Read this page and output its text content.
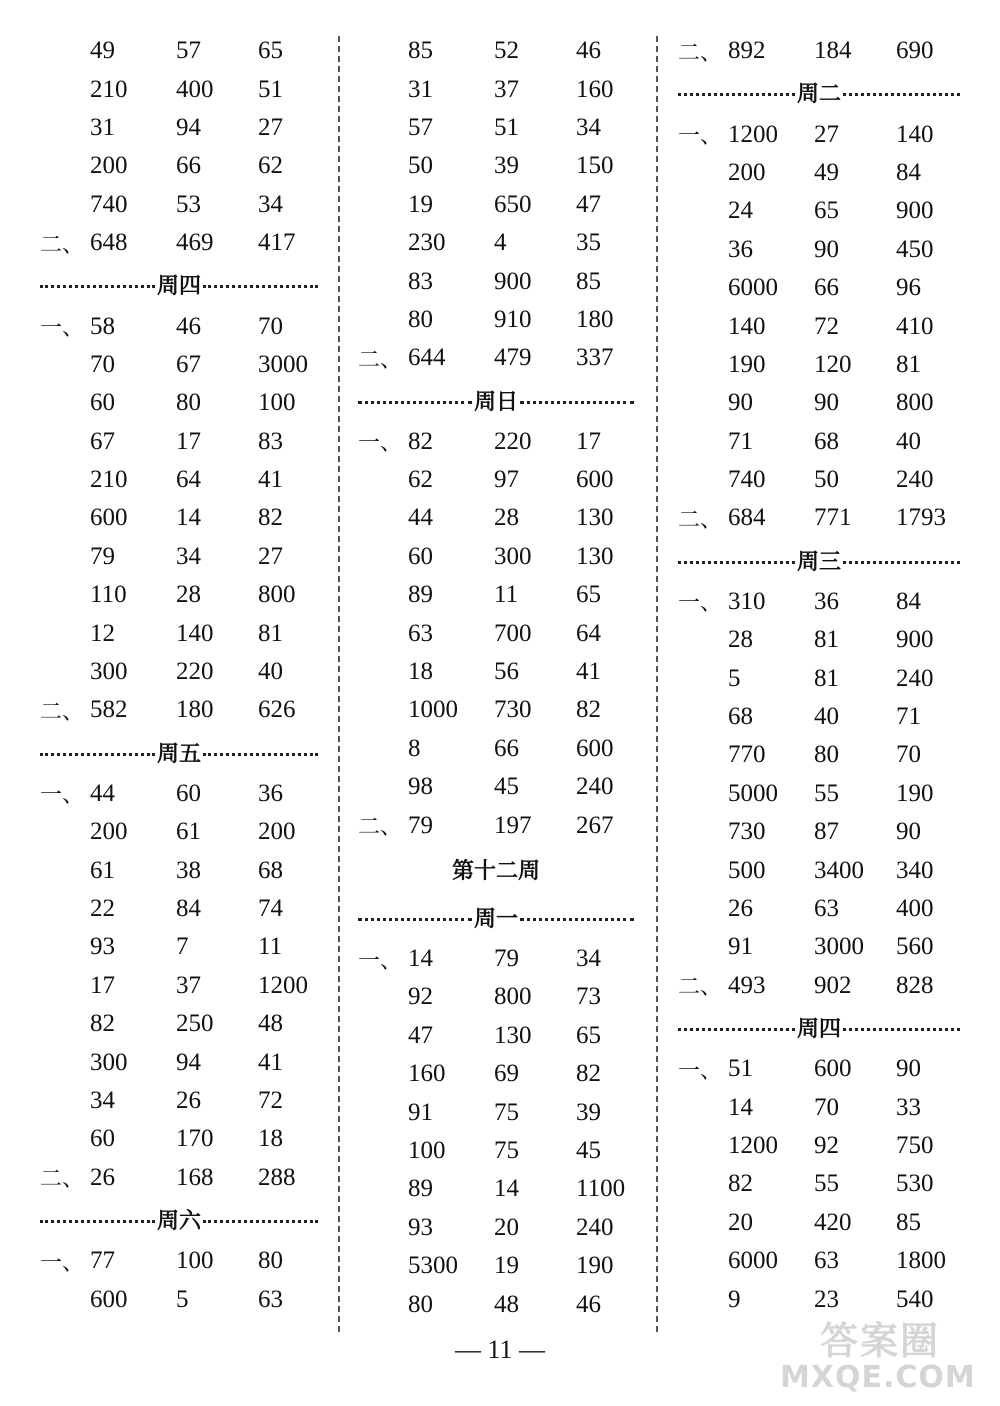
49	57	65
210	400	51
31	94	27
200	66	62
740	53	34
二、 648	469	417
周四
一、 58	46	70
70	67	3000
60	80	100
67	17	83
210	64	41
600	14	82
79	34	27
110	28	800
12	140	81
300	220	40
二、 582	180	626
周五
一、 44	60	36
200	61	200
61	38	68
22	84	74
93	7	11
17	37	1200
82	250	48
300	94	41
34	26	72
60	170	18
二、 26	168	288
周六
一、 77	100	80
600	5	63
85	52	46
31	37	160
57	51	34
50	39	150
19	650	47
230	4	35
83	900	85
80	910	180
二、 644	479	337
周日
一、 82	220	17
62	97	600
44	28	130
60	300	130
89	11	65
63	700	64
18	56	41
1000	730	82
8	66	600
98	45	240
二、 79	197	267
第十二周
周一
一、 14	79	34
92	800	73
47	130	65
160	69	82
91	75	39
100	75	45
89	14	1100
93	20	240
5300	19	190
80	48	46
二、 892	184	690
周二
一、 1200	27	140
200	49	84
24	65	900
36	90	450
6000	66	96
140	72	410
190	120	81
90	90	800
71	68	40
740	50	240
二、 684	771	1793
周三
一、 310	36	84
28	81	900
5	81	240
68	40	71
770	80	70
5000	55	190
730	87	90
500	3400	340
26	63	400
91	3000	560
二、 493	902	828
周四
一、 51	600	90
14	70	33
1200	92	750
82	55	530
20	420	85
6000	63	1800
9	23	540
— 11 —	答案圈
MXQE.COM
